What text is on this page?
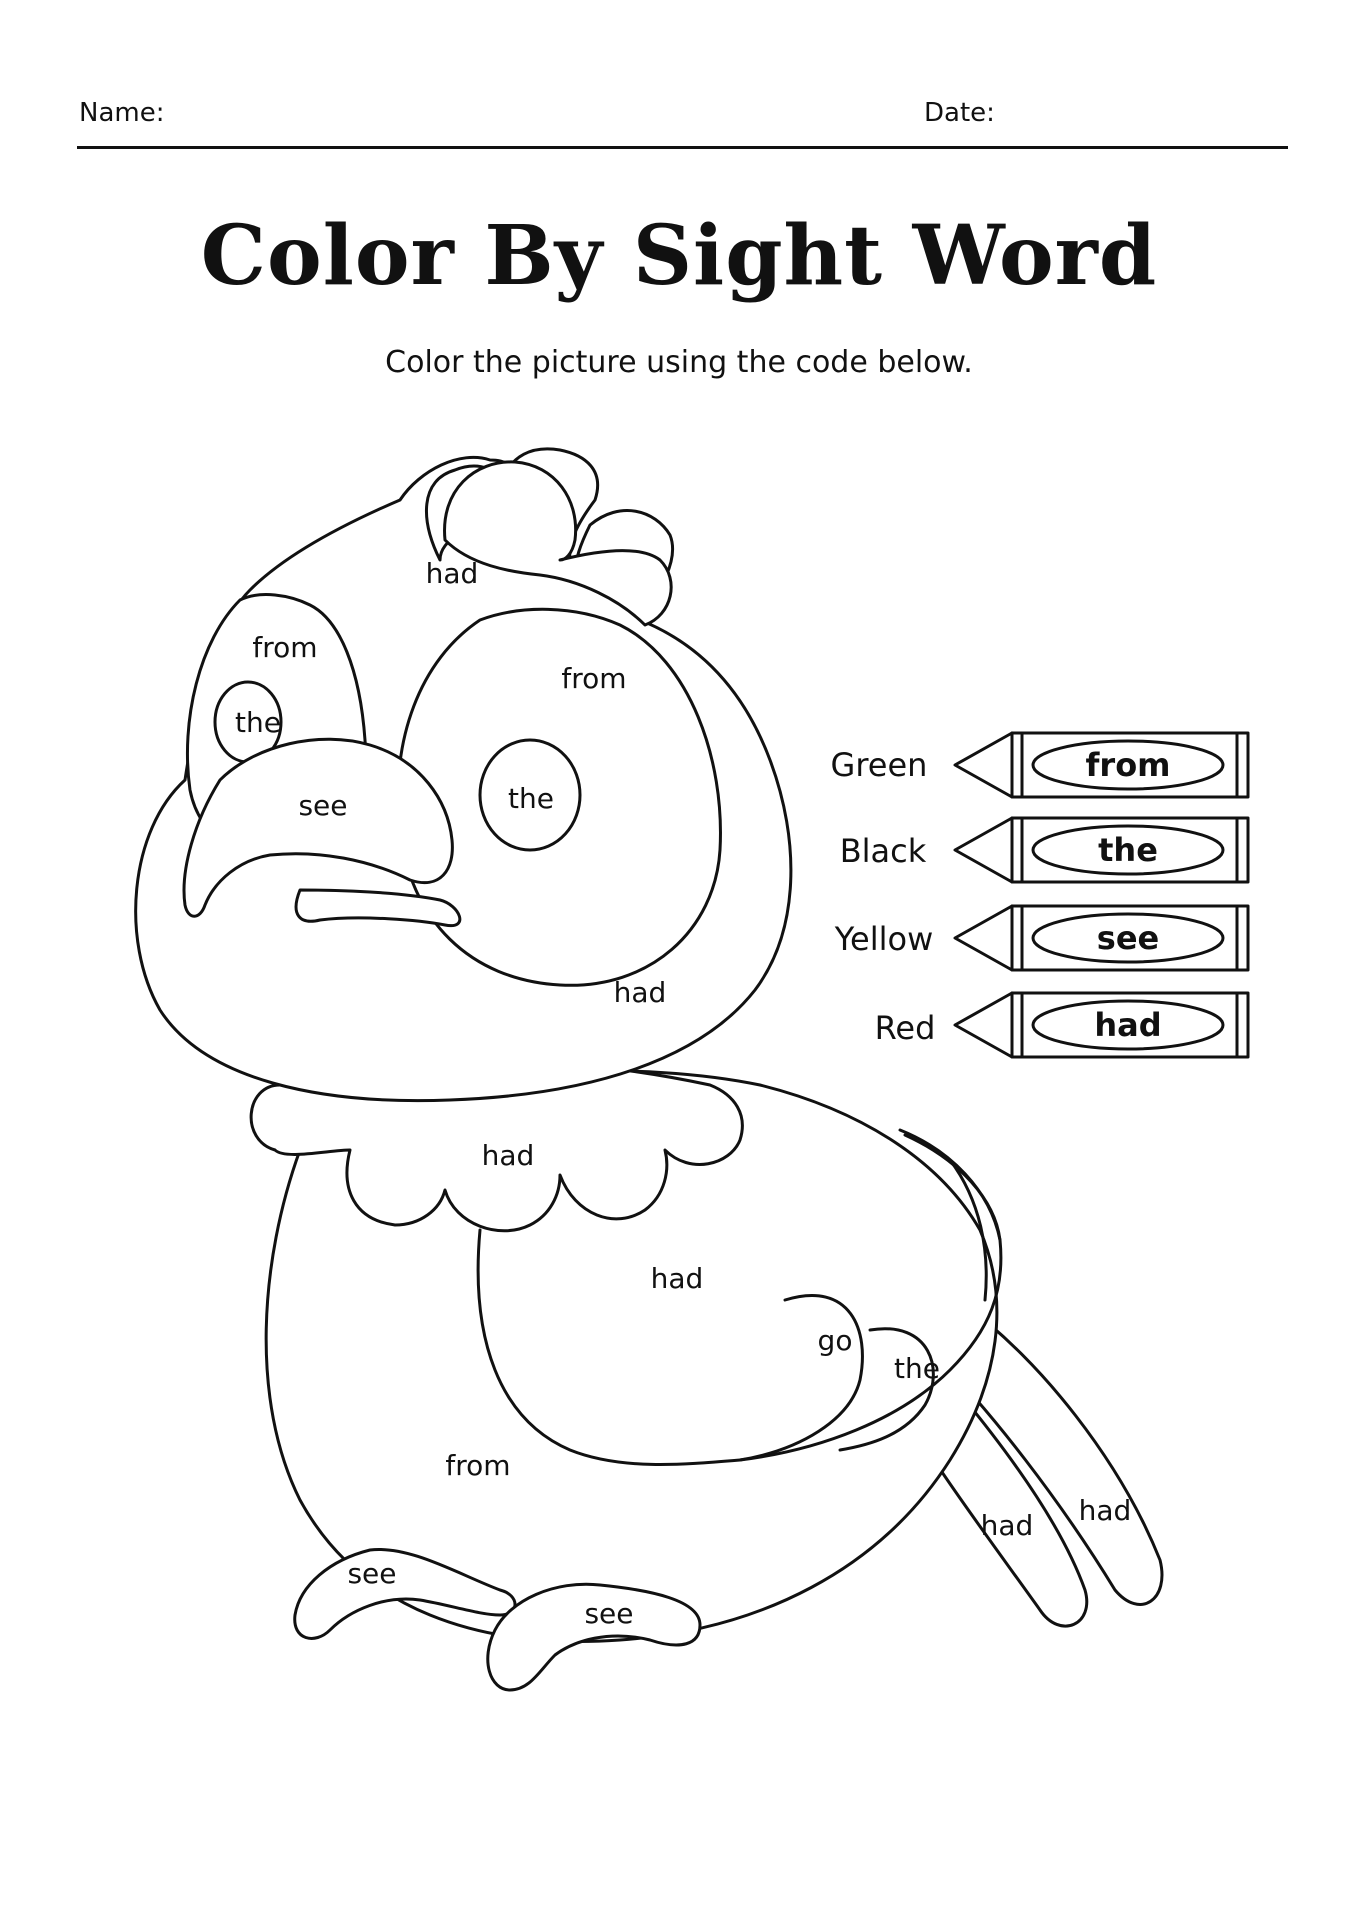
Name:	Date:
Color By Sight Word
Color the picture using the code below.
had
from
the
see
from
the
had
had
had
go
the
from
had had
see
see
Green	from
Black	the
Yellow	see
Red	had
